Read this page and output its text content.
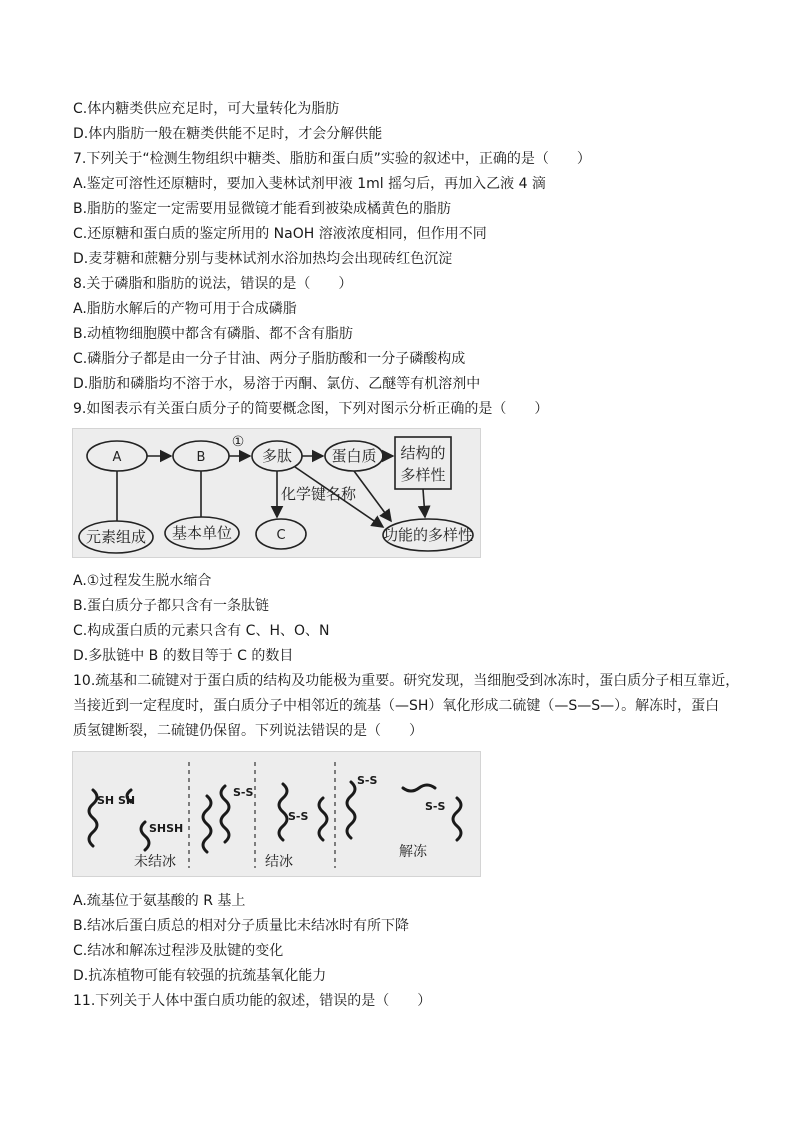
C.体内糖类供应充足时，可大量转化为脂肪
D.体内脂肪一般在糖类供能不足时，才会分解供能
7.下列关于“检测生物组织中糖类、脂肪和蛋白质”实验的叙述中，正确的是（　　）
A.鉴定可溶性还原糖时，要加入斐林试剂甲液 1ml 摇匀后，再加入乙液 4 滴
B.脂肪的鉴定一定需要用显微镜才能看到被染成橘黄色的脂肪
C.还原糖和蛋白质的鉴定所用的 NaOH 溶液浓度相同，但作用不同
D.麦芽糖和蔗糖分别与斐林试剂水浴加热均会出现砖红色沉淀
8.关于磷脂和脂肪的说法，错误的是（　　）
A.脂肪水解后的产物可用于合成磷脂
B.动植物细胞膜中都含有磷脂、都不含有脂肪
C.磷脂分子都是由一分子甘油、两分子脂肪酸和一分子磷酸构成
D.脂肪和磷脂均不溶于水，易溶于丙酮、氯仿、乙醚等有机溶剂中
9.如图表示有关蛋白质分子的简要概念图，下列对图示分析正确的是（　　）
A	B	多肽	蛋白质
C
结构的
多样性
元素组成 基本单位	功能的多样性
①
化学键名称
A.①过程发生脱水缩合
B.蛋白质分子都只含有一条肽链
C.构成蛋白质的元素只含有 C、H、O、N
D.多肽链中 B 的数目等于 C 的数目
10.巯基和二硫键对于蛋白质的结构及功能极为重要。研究发现，当细胞受到冰冻时，蛋白质分子相互靠近，
当接近到一定程度时，蛋白质分子中相邻近的巯基（—SH）氧化形成二硫键（—S—S—）。解冻时，蛋白
质氢键断裂，二硫键仍保留。下列说法错误的是（　　）
SH SH
SHSH
S-S
S-S
S-S
S-S
未结冰	结冰
解冻
A.巯基位于氨基酸的 R 基上
B.结冰后蛋白质总的相对分子质量比未结冰时有所下降
C.结冰和解冻过程涉及肽键的变化
D.抗冻植物可能有较强的抗巯基氧化能力
11.下列关于人体中蛋白质功能的叙述，错误的是（　　）
